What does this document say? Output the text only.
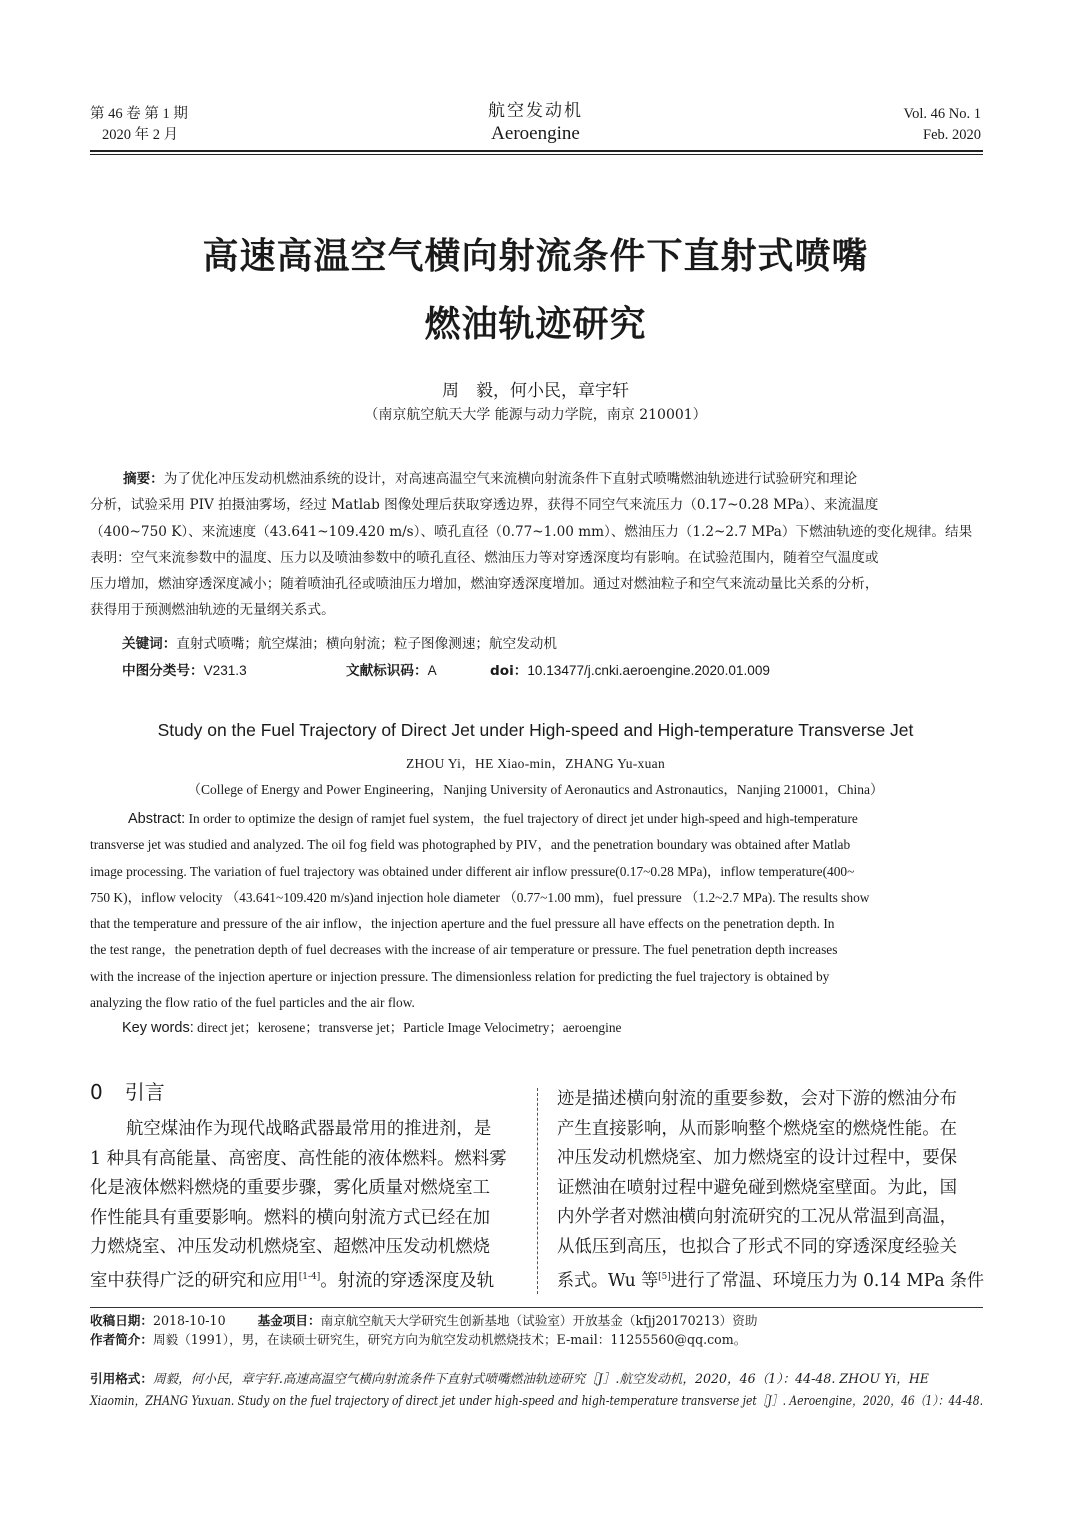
第 46 卷 第 1 期
2020 年 2 月
航空发动机
Aeroengine
Vol. 46 No. 1
Feb. 2020
高速高温空气横向射流条件下直射式喷嘴
燃油轨迹研究
周　毅，何小民，章宇轩
（南京航空航天大学 能源与动力学院，南京 210001）
摘要：为了优化冲压发动机燃油系统的设计，对高速高温空气来流横向射流条件下直射式喷嘴燃油轨迹进行试验研究和理论
分析，试验采用 PIV 拍摄油雾场，经过 Matlab 图像处理后获取穿透边界，获得不同空气来流压力（0.17~0.28 MPa）、来流温度
（400~750 K）、来流速度（43.641~109.420 m/s）、喷孔直径（0.77~1.00 mm）、燃油压力（1.2~2.7 MPa）下燃油轨迹的变化规律。结果
表明：空气来流参数中的温度、压力以及喷油参数中的喷孔直径、燃油压力等对穿透深度均有影响。在试验范围内，随着空气温度或
压力增加，燃油穿透深度减小；随着喷油孔径或喷油压力增加，燃油穿透深度增加。通过对燃油粒子和空气来流动量比关系的分析，
获得用于预测燃油轨迹的无量纲关系式。
关键词：直射式喷嘴；航空煤油；横向射流；粒子图像测速；航空发动机
中图分类号：V231.3	文献标识码：A	doi：10.13477/j.cnki.aeroengine.2020.01.009
Study on the Fuel Trajectory of Direct Jet under High-speed and High-temperature Transverse Jet
ZHOU Yi，HE Xiao-min，ZHANG Yu-xuan
（College of Energy and Power Engineering，Nanjing University of Aeronautics and Astronautics，Nanjing 210001，China）
Abstract: In order to optimize the design of ramjet fuel system，the fuel trajectory of direct jet under high-speed and high-temperature
transverse jet was studied and analyzed. The oil fog field was photographed by PIV，and the penetration boundary was obtained after Matlab
image processing. The variation of fuel trajectory was obtained under different air inflow pressure(0.17~0.28 MPa)，inflow temperature(400~
750 K)，inflow velocity （43.641~109.420 m/s)and injection hole diameter （0.77~1.00 mm)，fuel pressure （1.2~2.7 MPa). The results show
that the temperature and pressure of the air inflow，the injection aperture and the fuel pressure all have effects on the penetration depth. In
the test range，the penetration depth of fuel decreases with the increase of air temperature or pressure. The fuel penetration depth increases
with the increase of the injection aperture or injection pressure. The dimensionless relation for predicting the fuel trajectory is obtained by
analyzing the flow ratio of the fuel particles and the air flow.
Key words: direct jet；kerosene；transverse jet；Particle Image Velocimetry；aeroengine
0 引言
航空煤油作为现代战略武器最常用的推进剂，是
1 种具有高能量、高密度、高性能的液体燃料。燃料雾
化是液体燃料燃烧的重要步骤，雾化质量对燃烧室工
作性能具有重要影响。燃料的横向射流方式已经在加
力燃烧室、冲压发动机燃烧室、超燃冲压发动机燃烧
室中获得广泛的研究和应用[1-4]。射流的穿透深度及轨
迹是描述横向射流的重要参数，会对下游的燃油分布
产生直接影响，从而影响整个燃烧室的燃烧性能。在
冲压发动机燃烧室、加力燃烧室的设计过程中，要保
证燃油在喷射过程中避免碰到燃烧室壁面。为此，国
内外学者对燃油横向射流研究的工况从常温到高温，
从低压到高压，也拟合了形式不同的穿透深度经验关
系式。Wu 等[5]进行了常温、环境压力为 0.14 MPa 条件
收稿日期：2018-10-10	基金项目：南京航空航天大学研究生创新基地（试验室）开放基金（kfjj20170213）资助
作者简介：周毅（1991），男，在读硕士研究生，研究方向为航空发动机燃烧技术；E-mail：11255560@qq.com。
引用格式：周毅，何小民，章宇轩.高速高温空气横向射流条件下直射式喷嘴燃油轨迹研究［J］.航空发动机，2020，46（1）：44-48. ZHOU Yi，HE
Xiaomin，ZHANG Yuxuan. Study on the fuel trajectory of direct jet under high-speed and high-temperature transverse jet［J］. Aeroengine，2020，46（1）：44-48.
